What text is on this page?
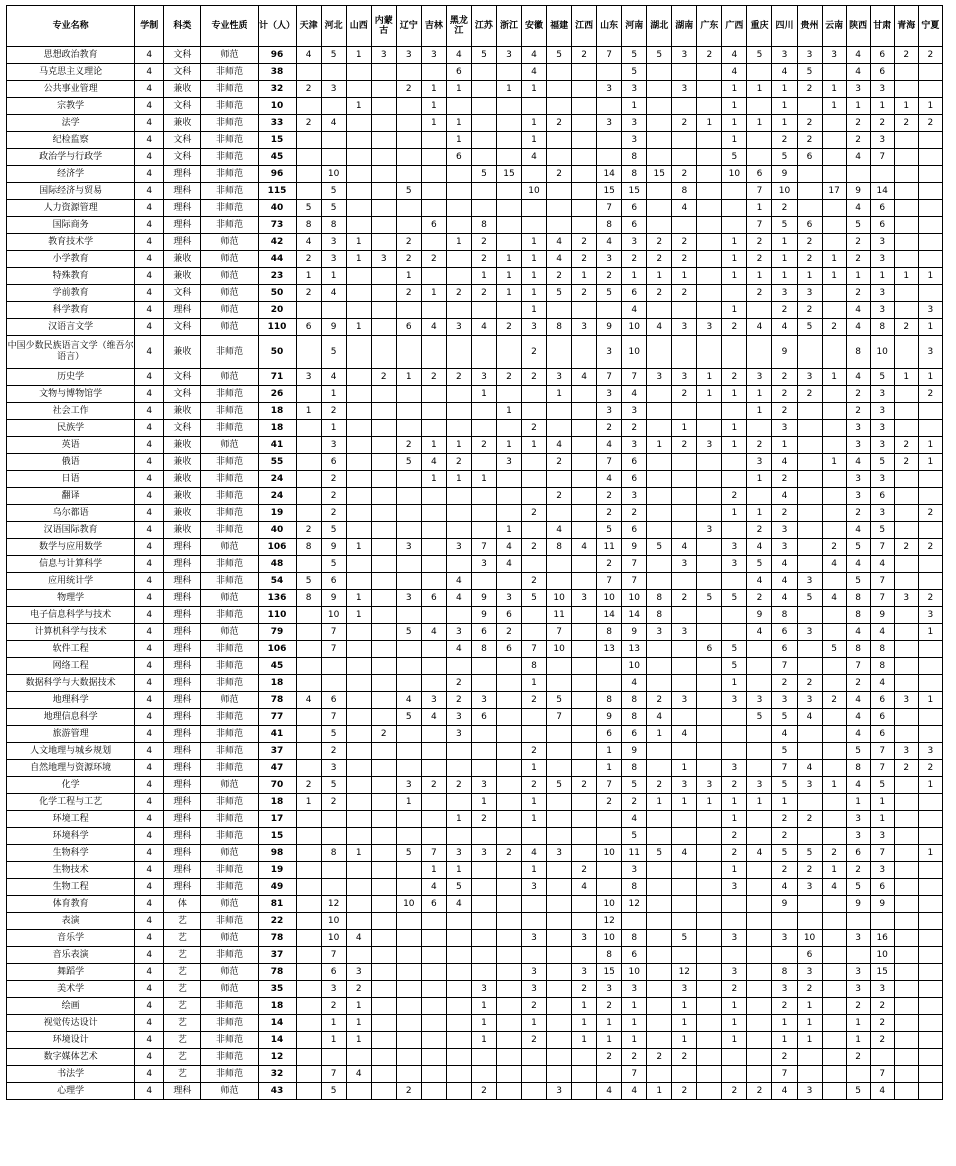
专业名称	学制	科类	专业性质	计（人）	天津	河北	山西	内蒙古	辽宁	吉林	黑龙江	江苏	浙江	安徽	福建	江西	山东	河南	湖北	湖南	广东	广西	重庆	四川	贵州	云南	陕西	甘肃	青海	宁夏
思想政治教育	4	文科	师范	96	4	5	1	3	3	3	4	5	3	4	5	2	7	5	5	3	2	4	5	3	3	3	4	6	2	2
马克思主义理论	4	文科	非师范	38							6			4				5				4		4	5		4	6		
公共事业管理	4	兼收	非师范	32	2	3			2	1	1		1	1			3	3		3		1	1	1	2	1	3	3		
宗教学	4	文科	非师范	10			1			1								1				1		1		1	1	1	1	1
法学	4	兼收	非师范	33	2	4				1	1			1	2		3	3		2	1	1	1	1	2		2	2	2	2
纪检监察	4	文科	非师范	15							1			1				3				1		2	2		2	3		
政治学与行政学	4	文科	非师范	45							6			4				8				5		5	6		4	7		
经济学	4	理科	非师范	96		10						5	15		2		14	8	15	2		10	6	9						
国际经济与贸易	4	理科	非师范	115		5			5					10			15	15		8			7	10		17	9	14		
人力资源管理	4	理科	非师范	40	5	5											7	6		4			1	2			4	6		
国际商务	4	理科	非师范	73	8	8				6		8					8	6					7	5	6		5	6		
教育技术学	4	理科	师范	42	4	3	1		2		1	2		1	4	2	4	3	2	2		1	2	1	2		2	3		
小学教育	4	兼收	师范	44	2	3	1	3	2	2		2	1	1	4	2	3	2	2	2		1	2	1	2	1	2	3		
特殊教育	4	兼收	师范	23	1	1			1			1	1	1	2	1	2	1	1	1		1	1	1	1	1	1	1	1	1
学前教育	4	文科	师范	50	2	4			2	1	2	2	1	1	5	2	5	6	2	2			2	3	3		2	3		
科学教育	4	理科	师范	20										1				4				1		2	2		4	3		3
汉语言文学	4	文科	师范	110	6	9	1		6	4	3	4	2	3	8	3	9	10	4	3	3	2	4	4	5	2	4	8	2	1
中国少数民族语言文学（维吾尔语言）	4	兼收	非师范	50		5								2			3	10						9			8	10		3
历史学	4	文科	师范	71	3	4		2	1	2	2	3	2	2	3	4	7	7	3	3	1	2	3	2	3	1	4	5	1	1
文物与博物馆学	4	文科	非师范	26		1						1			1		3	4		2	1	1	1	2	2		2	3		2
社会工作	4	兼收	非师范	18	1	2							1				3	3					1	2			2	3		
民族学	4	文科	非师范	18		1								2			2	2		1		1		3			3	3		
英语	4	兼收	师范	41		3			2	1	1	2	1	1	4		4	3	1	2	3	1	2	1			3	3	2	1
俄语	4	兼收	非师范	55		6			5	4	2		3		2		7	6					3	4		1	4	5	2	1
日语	4	兼收	非师范	24		2				1	1	1					4	6					1	2			3	3		
翻译	4	兼收	非师范	24		2									2		2	3				2		4			3	6		
乌尔都语	4	兼收	非师范	19		2								2			2	2				1	1	2			2	3		2
汉语国际教育	4	兼收	非师范	40	2	5							1		4		5	6			3		2	3			4	5		
数学与应用数学	4	理科	师范	106	8	9	1		3		3	7	4	2	8	4	11	9	5	4		3	4	3		2	5	7	2	2
信息与计算科学	4	理科	非师范	48		5						3	4				2	7		3		3	5	4		4	4	4		
应用统计学	4	理科	非师范	54	5	6					4			2			7	7					4	4	3		5	7		
物理学	4	理科	师范	136	8	9	1		3	6	4	9	3	5	10	3	10	10	8	2	5	5	2	4	5	4	8	7	3	2
电子信息科学与技术	4	理科	非师范	110		10	1					9	6		11		14	14	8				9	8			8	9		3
计算机科学与技术	4	理科	师范	79		7			5	4	3	6	2		7		8	9	3	3			4	6	3		4	4		1
软件工程	4	理科	非师范	106		7					4	8	6	7	10		13	13			6	5		6		5	8	8		
网络工程	4	理科	非师范	45										8				10				5		7			7	8		
数据科学与大数据技术	4	理科	非师范	18							2			1				4				1		2	2		2	4		
地理科学	4	理科	师范	78	4	6			4	3	2	3		2	5		8	8	2	3		3	3	3	3	2	4	6	3	1
地理信息科学	4	理科	非师范	77		7			5	4	3	6			7		9	8	4				5	5	4		4	6		
旅游管理	4	理科	非师范	41		5		2			3						6	6	1	4				4			4	6		
人文地理与城乡规划	4	理科	非师范	37		2								2			1	9						5			5	7	3	3
自然地理与资源环境	4	理科	非师范	47		3								1			1	8		1		3		7	4		8	7	2	2
化学	4	理科	师范	70	2	5			3	2	2	3		2	5	2	7	5	2	3	3	2	3	5	3	1	4	5		1
化学工程与工艺	4	理科	非师范	18	1	2			1			1		1			2	2	1	1	1	1	1	1			1	1		
环境工程	4	理科	非师范	17							1	2		1				4				1		2	2		3	1		
环境科学	4	理科	非师范	15														5				2		2			3	3		
生物科学	4	理科	师范	98		8	1		5	7	3	3	2	4	3		10	11	5	4		2	4	5	5	2	6	7		1
生物技术	4	理科	非师范	19						1	1			1		2		3				1		2	2	1	2	3		
生物工程	4	理科	非师范	49						4	5			3		4		8				3		4	3	4	5	6		
体育教育	4	体	师范	81		12			10	6	4						10	12						9			9	9		
表演	4	艺	非师范	22		10											12													
音乐学	4	艺	师范	78		10	4							3		3	10	8		5		3		3	10		3	16		
音乐表演	4	艺	非师范	37		7											8	6							6			10		
舞蹈学	4	艺	师范	78		6	3							3		3	15	10		12		3		8	3		3	15		
美术学	4	艺	师范	35		3	2					3		3		2	3	3		3		2		3	2		3	3		
绘画	4	艺	非师范	18		2	1					1		2		1	2	1		1		1		2	1		2	2		
视觉传达设计	4	艺	非师范	14		1	1					1		1		1	1	1		1		1		1	1		1	2		
环境设计	4	艺	非师范	14		1	1					1		2		1	1	1		1		1		1	1		1	2		
数字媒体艺术	4	艺	非师范	12													2	2	2	2				2			2			
书法学	4	艺	非师范	32		7	4											7						7				7		
心理学	4	理科	师范	43		5			2			2			3		4	4	1	2		2	2	4	3		5	4		
